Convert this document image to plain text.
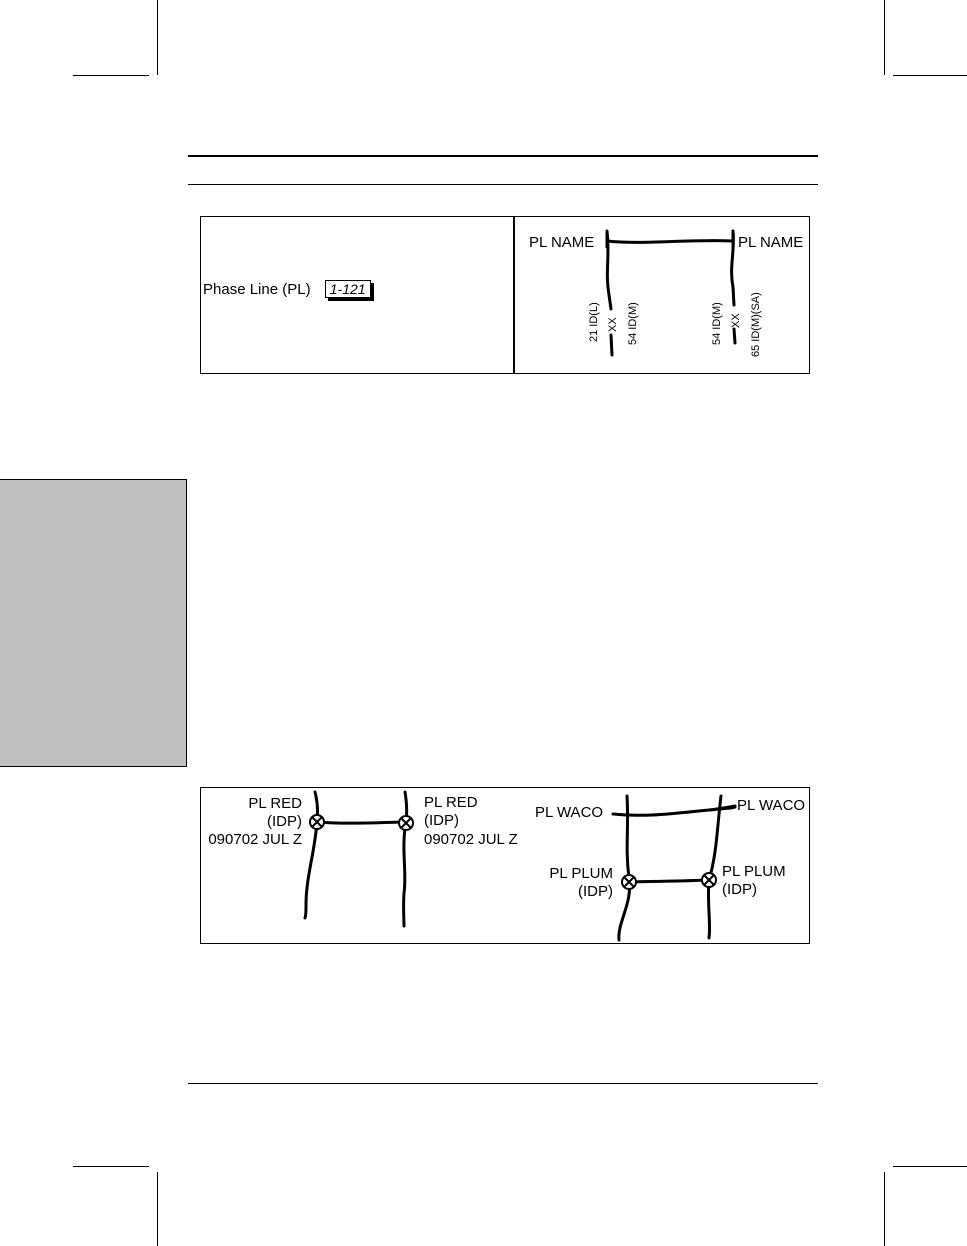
Phase Line (PL) 1-121
PL NAME	PL NAME
XX	XX
21 ID(L) 54 ID(M)	54 ID(M) 65 ID(M)(SA)
PL RED
(IDP)
090702 JUL Z
PL RED
(IDP)
090702 JUL Z
PL WACO	PL WACO
PL PLUM
(IDP)
PL PLUM
(IDP)
